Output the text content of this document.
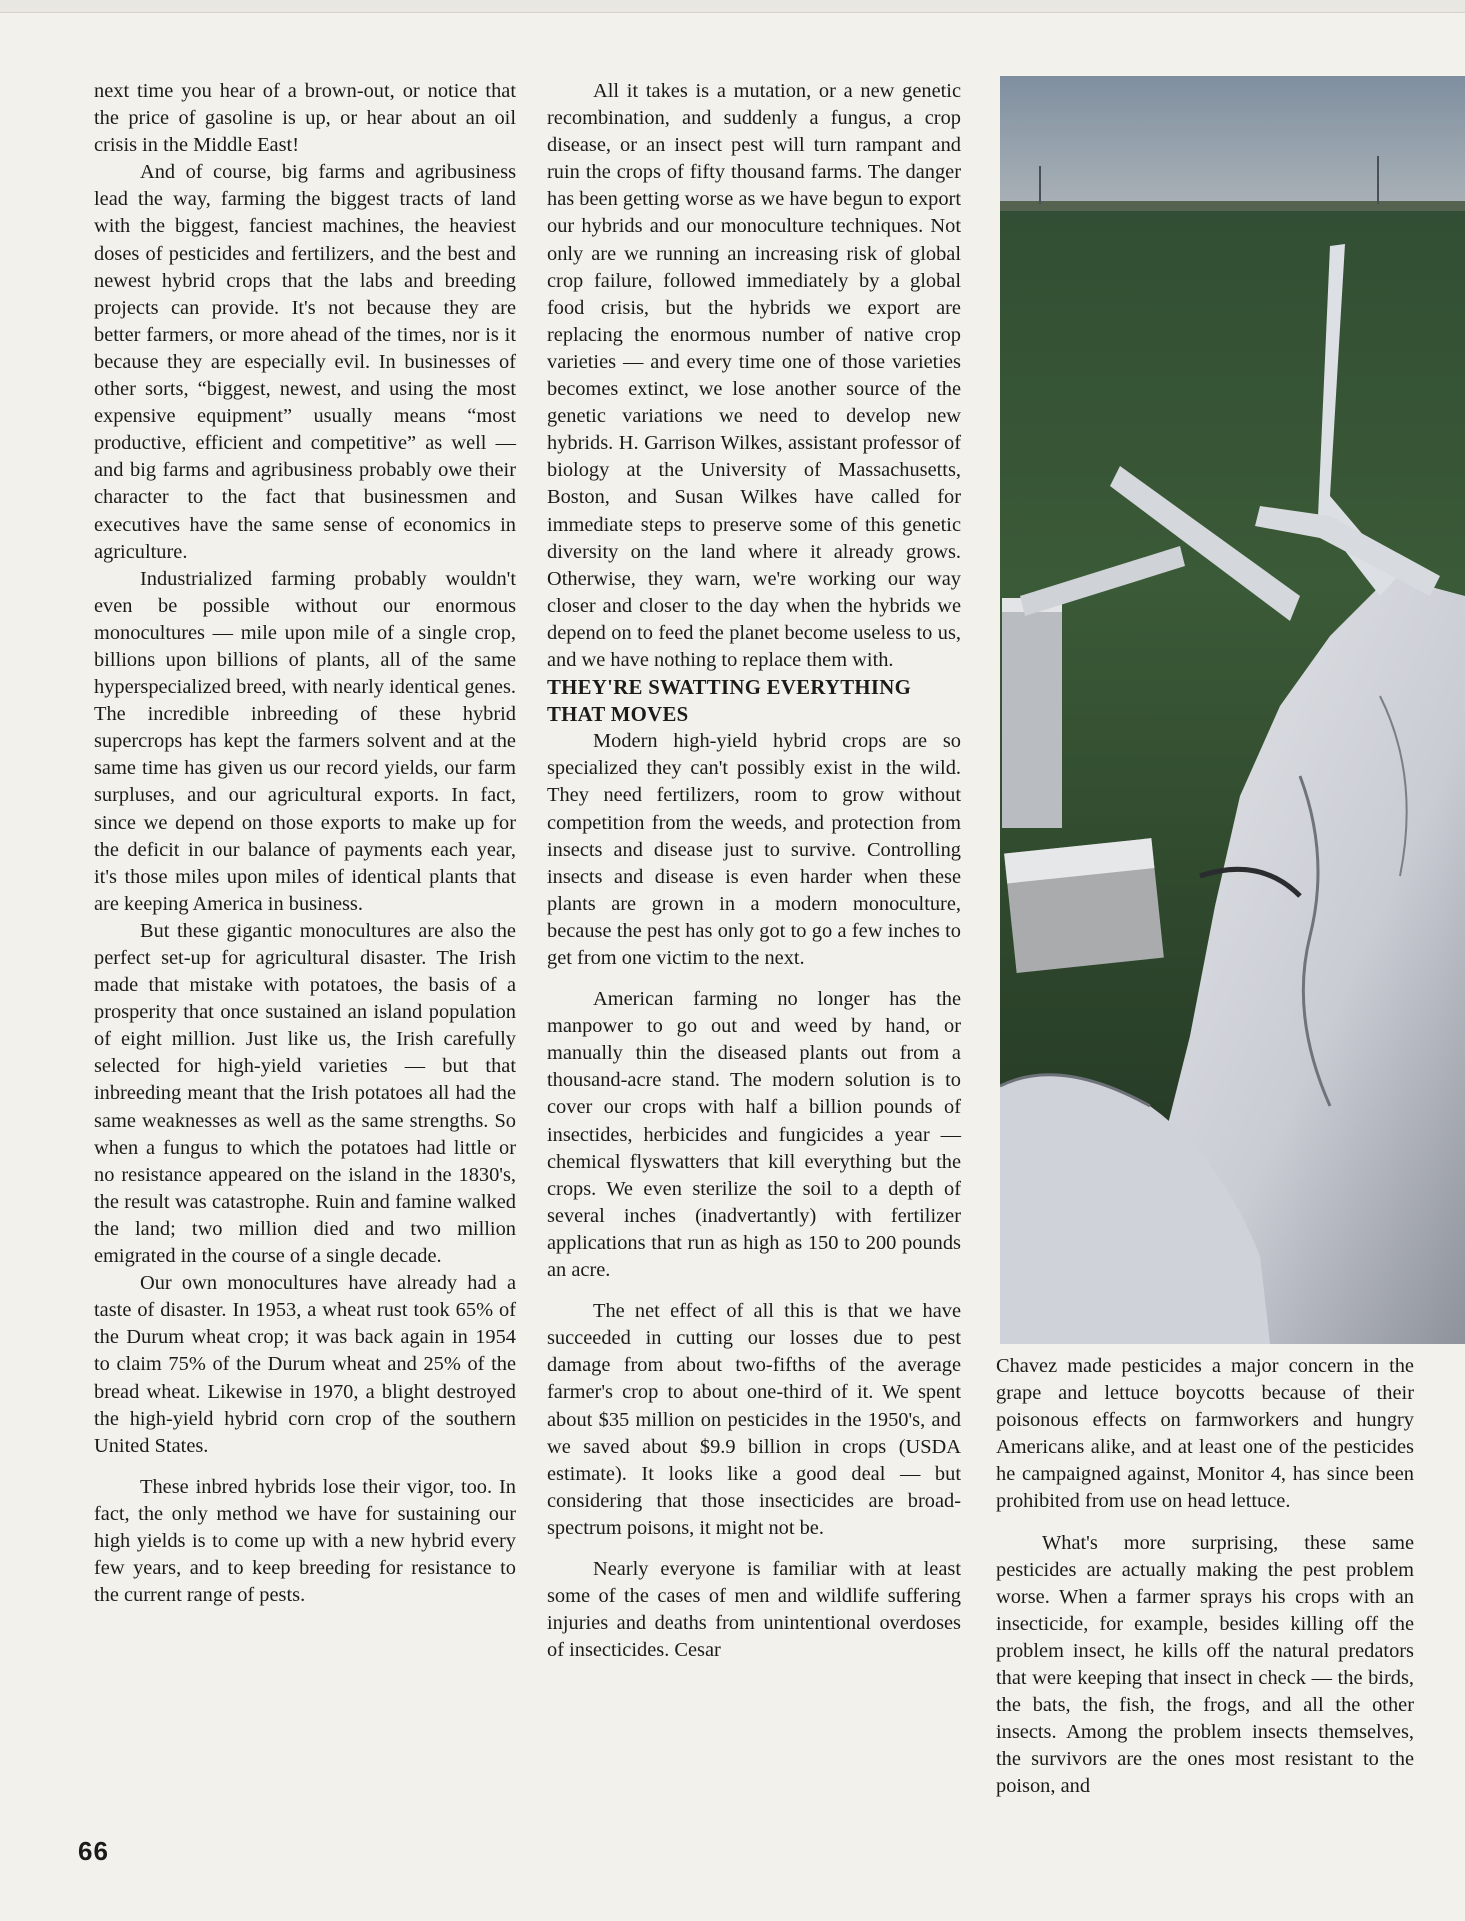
next time you hear of a brown-out, or notice that the price of gasoline is up, or hear about an oil crisis in the Middle East!

And of course, big farms and agribusiness lead the way, farming the biggest tracts of land with the biggest, fanciest machines, the heaviest doses of pesticides and fertilizers, and the best and newest hybrid crops that the labs and breeding projects can provide. It's not because they are better farmers, or more ahead of the times, nor is it because they are especially evil. In businesses of other sorts, “biggest, newest, and using the most expensive equipment” usually means “most productive, efficient and competitive” as well — and big farms and agribusiness probably owe their character to the fact that businessmen and executives have the same sense of economics in agriculture.

Industrialized farming probably wouldn't even be possible without our enormous monocultures — mile upon mile of a single crop, billions upon billions of plants, all of the same hyperspecialized breed, with nearly identical genes. The incredible inbreeding of these hybrid supercrops has kept the farmers solvent and at the same time has given us our record yields, our farm surpluses, and our agricultural exports. In fact, since we depend on those exports to make up for the deficit in our balance of payments each year, it's those miles upon miles of identical plants that are keeping America in business.

But these gigantic monocultures are also the perfect set-up for agricultural disaster. The Irish made that mistake with potatoes, the basis of a prosperity that once sustained an island population of eight million. Just like us, the Irish carefully selected for high-yield varieties — but that inbreeding meant that the Irish potatoes all had the same weaknesses as well as the same strengths. So when a fungus to which the potatoes had little or no resistance appeared on the island in the 1830's, the result was catastrophe. Ruin and famine walked the land; two million died and two million emigrated in the course of a single decade.

Our own monocultures have already had a taste of disaster. In 1953, a wheat rust took 65% of the Durum wheat crop; it was back again in 1954 to claim 75% of the Durum wheat and 25% of the bread wheat. Likewise in 1970, a blight destroyed the high-yield hybrid corn crop of the southern United States.

These inbred hybrids lose their vigor, too. In fact, the only method we have for sustaining our high yields is to come up with a new hybrid every few years, and to keep breeding for resistance to the current range of pests.

All it takes is a mutation, or a new genetic recombination, and suddenly a fungus, a crop disease, or an insect pest will turn rampant and ruin the crops of fifty thousand farms. The danger has been getting worse as we have begun to export our hybrids and our monoculture techniques. Not only are we running an increasing risk of global crop failure, followed immediately by a global food crisis, but the hybrids we export are replacing the enormous number of native crop varieties — and every time one of those varieties becomes extinct, we lose another source of the genetic variations we need to develop new hybrids. H. Garrison Wilkes, assistant professor of biology at the University of Massachusetts, Boston, and Susan Wilkes have called for immediate steps to preserve some of this genetic diversity on the land where it already grows. Otherwise, they warn, we're working our way closer and closer to the day when the hybrids we depend on to feed the planet become useless to us, and we have nothing to replace them with.

THEY'RE SWATTING EVERYTHING THAT MOVES

Modern high-yield hybrid crops are so specialized they can't possibly exist in the wild. They need fertilizers, room to grow without competition from the weeds, and protection from insects and disease just to survive. Controlling insects and disease is even harder when these plants are grown in a modern monoculture, because the pest has only got to go a few inches to get from one victim to the next.

American farming no longer has the manpower to go out and weed by hand, or manually thin the diseased plants out from a thousand-acre stand. The modern solution is to cover our crops with half a billion pounds of insectides, herbicides and fungicides a year — chemical flyswatters that kill everything but the crops. We even sterilize the soil to a depth of several inches (inadvertantly) with fertilizer applications that run as high as 150 to 200 pounds an acre.

The net effect of all this is that we have succeeded in cutting our losses due to pest damage from about two-fifths of the average farmer's crop to about one-third of it. We spent about $35 million on pesticides in the 1950's, and we saved about $9.9 billion in crops (USDA estimate). It looks like a good deal — but considering that those insecticides are broad-spectrum poisons, it might not be.

Nearly everyone is familiar with at least some of the cases of men and wildlife suffering injuries and deaths from unintentional overdoses of insecticides. Cesar

Chavez made pesticides a major concern in the grape and lettuce boycotts because of their poisonous effects on farmworkers and hungry Americans alike, and at least one of the pesticides he campaigned against, Monitor 4, has since been prohibited from use on head lettuce.

What's more surprising, these same pesticides are actually making the pest problem worse. When a farmer sprays his crops with an insecticide, for example, besides killing off the problem insect, he kills off the natural predators that were keeping that insect in check — the birds, the bats, the fish, the frogs, and all the other insects. Among the problem insects themselves, the survivors are the ones most resistant to the poison, and

66
